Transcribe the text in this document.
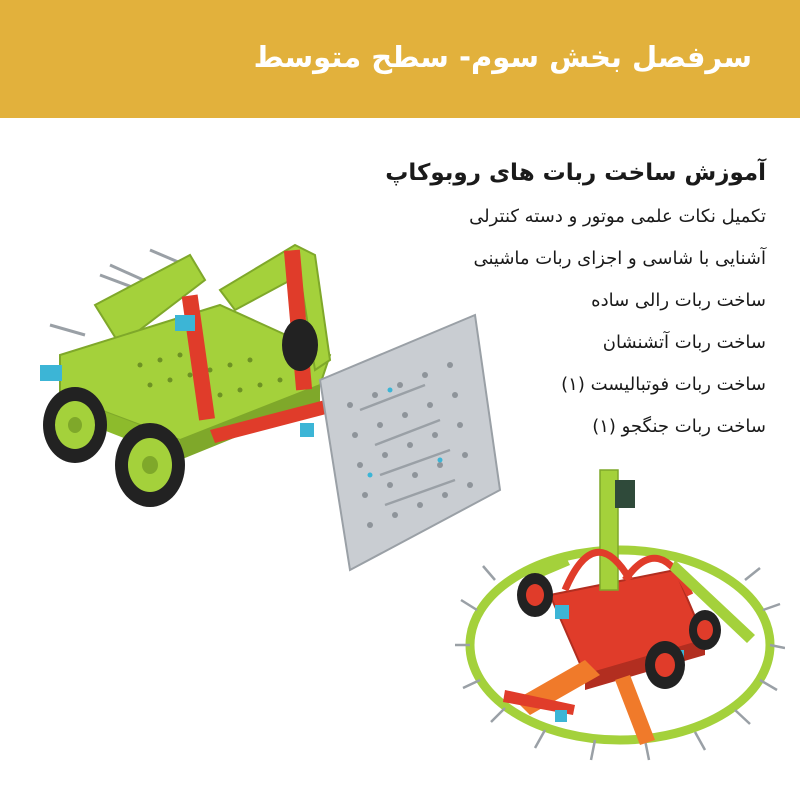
سرفصل بخش سوم- سطح متوسط
آموزش ساخت ربات های روبوکاپ
تکمیل نکات علمی موتور و دسته کنترلی
آشنایی با شاسی و اجزای ربات ماشینی
ساخت ربات رالی ساده
ساخت ربات آتشنشان
ساخت ربات فوتبالیست (۱)
ساخت ربات جنگجو (۱)
